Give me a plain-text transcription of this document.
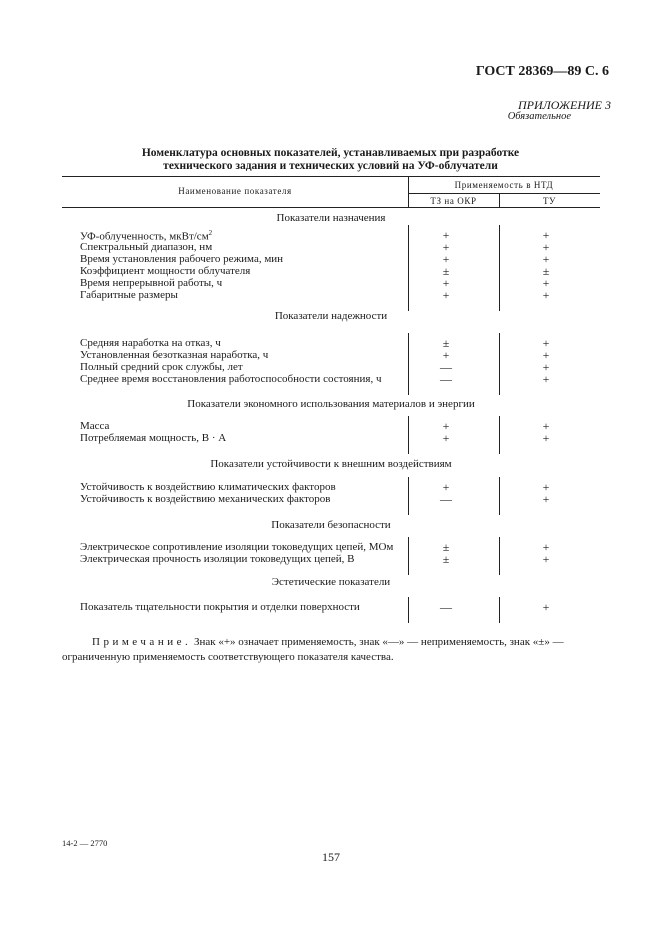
ГОСТ 28369—89 С. 6
ПРИЛОЖЕНИЕ 3
Обязательное
Номенклатура основных показателей, устанавливаемых при разработке
технического задания и технических условий на УФ-облучатели
Наименование показателя
Применяемость в НТД
ТЗ на ОКР	ТУ
Примечание. Знак «+» означает применяемость, знак «—» — неприменяемость, знак «±» — ограниченную применяемость соответствующего показателя качества.
14-2 — 2770
157
Показатели назначения
УФ-облученность, мкВт/$см^2$	+	+
Спектральный диапазон, нм	+	+
Время установления рабочего режима, мин	+	+
Коэффициент мощности облучателя	±	±
Время непрерывной работы, ч	+	+
Габаритные размеры	+	+
Показатели надежности
Средняя наработка на отказ, ч	±	+
Установленная безотказная наработка, ч	+	+
Полный средний срок службы, лет	—	+
Среднее время восстановления работоспособности состояния, ч	—	+
Показатели экономного использования материалов и энергии
Масса	+	+
Потребляемая мощность, В · А	+	+
Показатели устойчивости к внешним воздействиям
Устойчивость к воздействию климатических факторов	+	+
Устойчивость к воздействию механических факторов	—	+
Показатели безопасности
Электрическое сопротивление изоляции токоведущих цепей, МОм	±	+
Электрическая прочность изоляции токоведущих цепей, В	±	+
Эстетические показатели
Показатель тщательности покрытия и отделки поверхности	—	+
